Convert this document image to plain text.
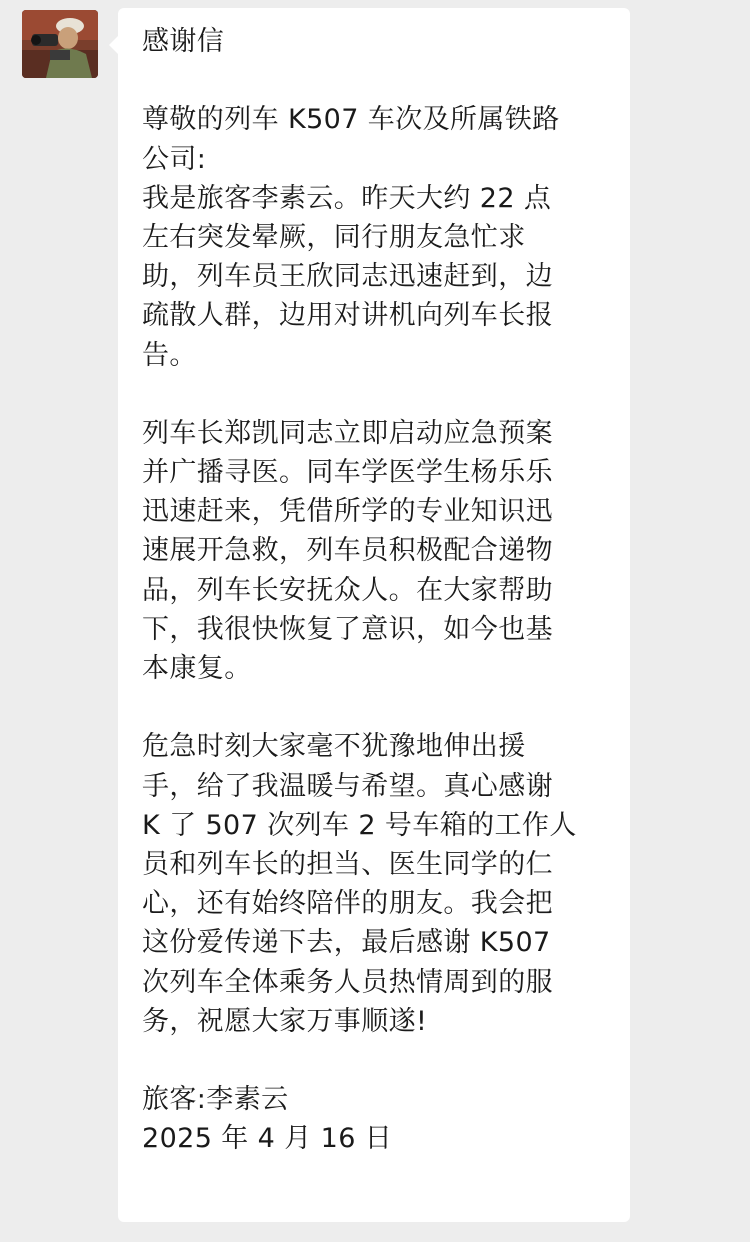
感谢信
尊敬的列车 K507 车次及所属铁路
公司:
我是旅客李素云。昨天大约 22 点
左右突发晕厥，同行朋友急忙求
助，列车员王欣同志迅速赶到，边
疏散人群，边用对讲机向列车长报
告。
列车长郑凯同志立即启动应急预案
并广播寻医。同车学医学生杨乐乐
迅速赶来，凭借所学的专业知识迅
速展开急救，列车员积极配合递物
品，列车长安抚众人。在大家帮助
下，我很快恢复了意识，如今也基
本康复。
危急时刻大家毫不犹豫地伸出援
手，给了我温暖与希望。真心感谢
K 了 507 次列车 2 号车箱的工作人
员和列车长的担当、医生同学的仁
心，还有始终陪伴的朋友。我会把
这份爱传递下去，最后感谢 K507
次列车全体乘务人员热情周到的服
务，祝愿大家万事顺遂!
旅客:李素云
2025 年 4 月 16 日
